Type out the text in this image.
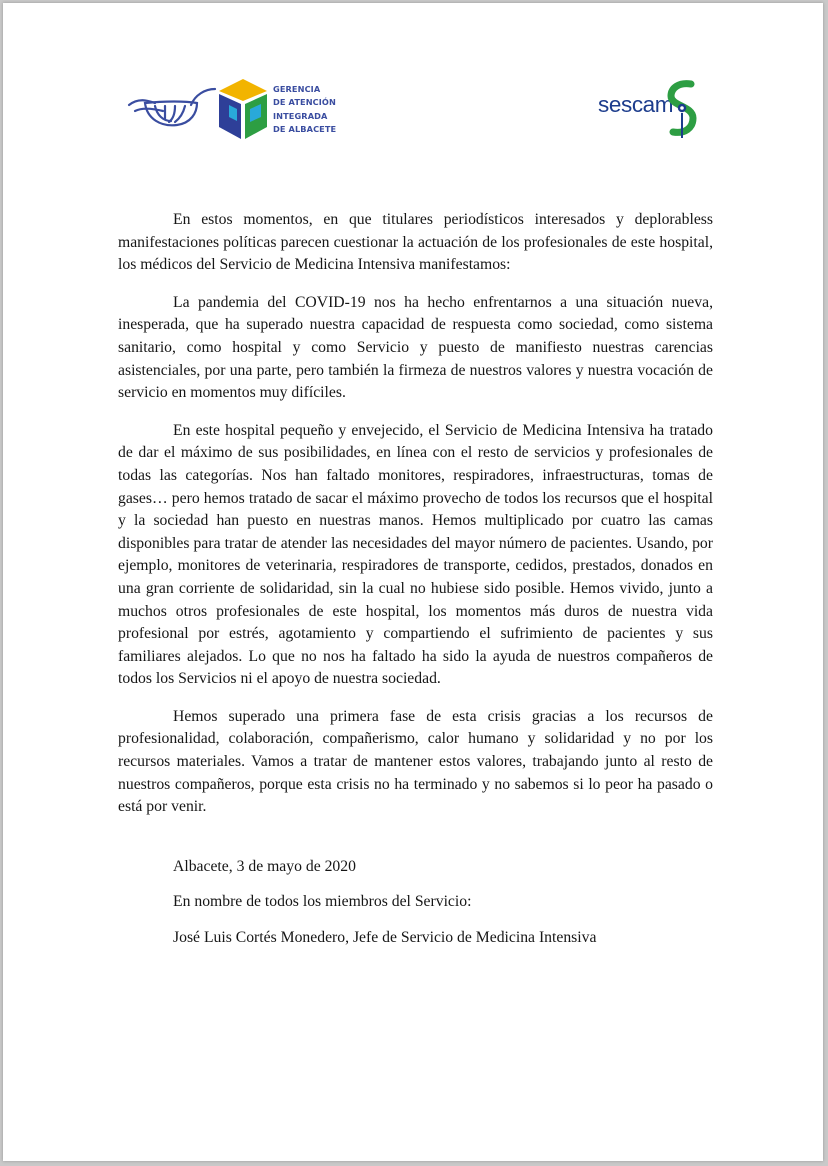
GERENCIA
DE ATENCIÓN
INTEGRADA
DE ALBACETE
sescam

En estos momentos, en que titulares periodísticos interesados y deplorabless manifestaciones políticas parecen cuestionar la actuación de los profesionales de este hospital, los médicos del Servicio de Medicina Intensiva manifestamos:

La pandemia del COVID-19 nos ha hecho enfrentarnos a una situación nueva, inesperada, que ha superado nuestra capacidad de respuesta como sociedad, como sistema sanitario, como hospital y como Servicio y puesto de manifiesto nuestras carencias asistenciales, por una parte, pero también la firmeza de nuestros valores y nuestra vocación de servicio en momentos muy difíciles.

En este hospital pequeño y envejecido, el Servicio de Medicina Intensiva ha tratado de dar el máximo de sus posibilidades, en línea con el resto de servicios y profesionales de todas las categorías. Nos han faltado monitores, respiradores, infraestructuras, tomas de gases… pero hemos tratado de sacar el máximo provecho de todos los recursos que el hospital y la sociedad han puesto en nuestras manos. Hemos multiplicado por cuatro las camas disponibles para tratar de atender las necesidades del mayor número de pacientes. Usando, por ejemplo, monitores de veterinaria, respiradores de transporte, cedidos, prestados, donados en una gran corriente de solidaridad, sin la cual no hubiese sido posible. Hemos vivido, junto a muchos otros profesionales de este hospital, los momentos más duros de nuestra vida profesional por estrés, agotamiento y compartiendo el sufrimiento de pacientes y sus familiares alejados. Lo que no nos ha faltado ha sido la ayuda de nuestros compañeros de todos los Servicios ni el apoyo de nuestra sociedad.

Hemos superado una primera fase de esta crisis gracias a los recursos de profesionalidad, colaboración, compañerismo, calor humano y solidaridad y no por los recursos materiales. Vamos a tratar de mantener estos valores, trabajando junto al resto de nuestros compañeros, porque esta crisis no ha terminado y no sabemos si lo peor ha pasado o está por venir.

Albacete, 3 de mayo de 2020
En nombre de todos los miembros del Servicio:
José Luis Cortés Monedero, Jefe de Servicio de Medicina Intensiva
